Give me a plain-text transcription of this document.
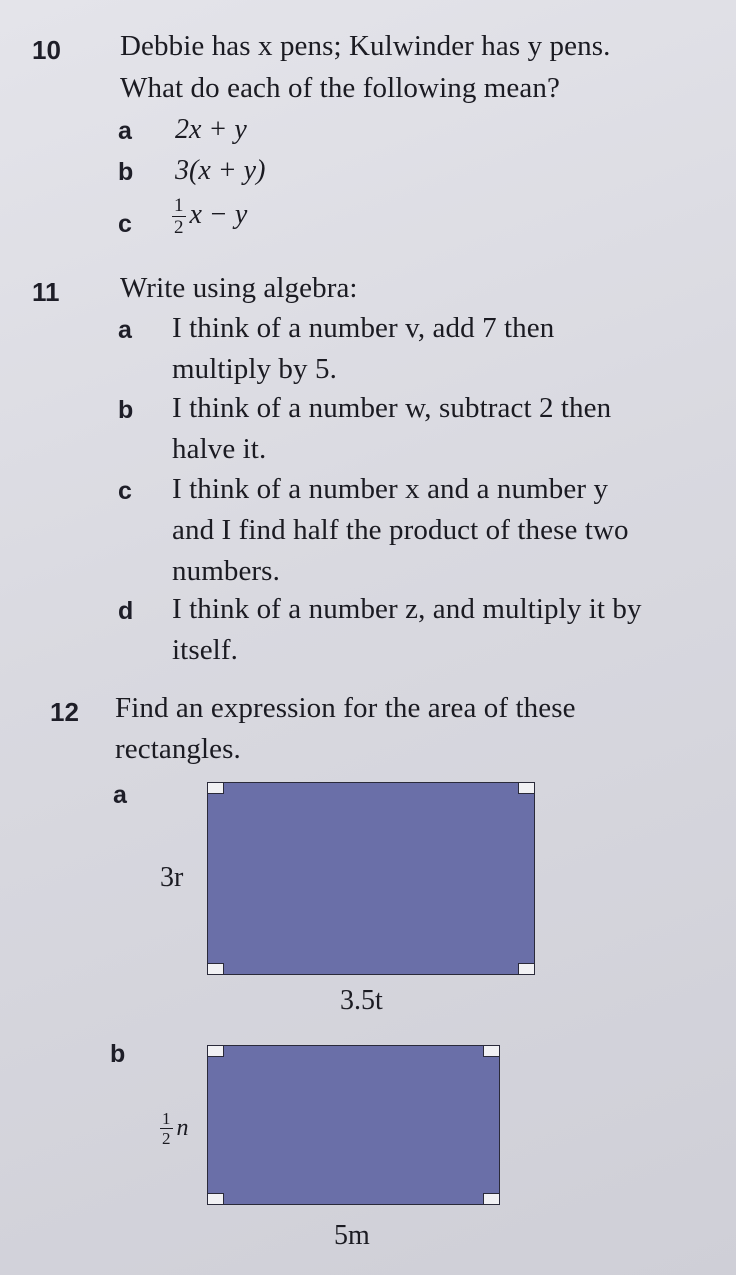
10 Debbie has x pens; Kulwinder has y pens.
What do each of the following mean?
a 2x + y
b 3(x + y)
c $\frac{1}{2}$ x − y
11 Write using algebra:
a I think of a number v, add 7 then
multiply by 5.
b I think of a number w, subtract 2 then
halve it.
c I think of a number x and a number y
and I find half the product of these two
numbers.
d I think of a number z, and multiply it by
itself.
12 Find an expression for the area of these
rectangles.
a
3r
3.5t
b
$\frac{1}{2}$ n
5m
